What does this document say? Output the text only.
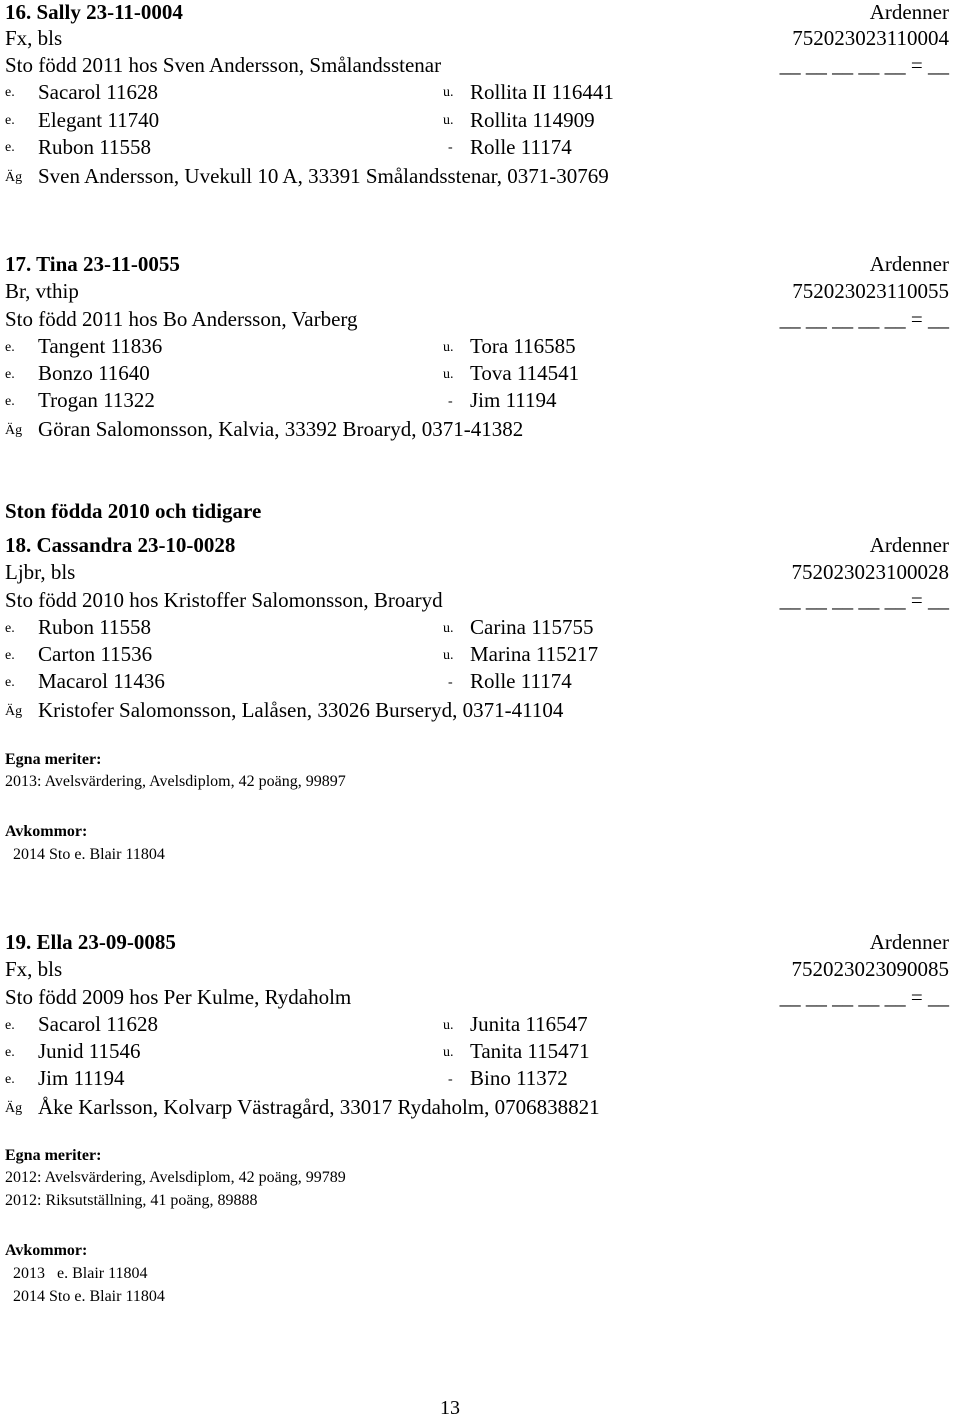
16. Sally 23-11-0004	Ardenner
Fx, bls	752023023110004
Sto född 2011 hos Sven Andersson, Smålandsstenar	__ __ __ __ __ = __
e. Sacarol 11628	u. Rollita II 116441
e. Elegant 11740	u. Rollita 114909
e. Rubon 11558	- Rolle 11174
Äg Sven Andersson, Uvekull 10 A, 33391 Smålandsstenar, 0371-30769
17. Tina 23-11-0055	Ardenner
Br, vthip	752023023110055
Sto född 2011 hos Bo Andersson, Varberg	__ __ __ __ __ = __
e. Tangent 11836	u. Tora 116585
e. Bonzo 11640	u. Tova 114541
e. Trogan 11322	- Jim 11194
Äg Göran Salomonsson, Kalvia, 33392 Broaryd, 0371-41382
Ston födda 2010 och tidigare
18. Cassandra 23-10-0028	Ardenner
Ljbr, bls	752023023100028
Sto född 2010 hos Kristoffer Salomonsson, Broaryd	__ __ __ __ __ = __
e. Rubon 11558	u. Carina 115755
e. Carton 11536	u. Marina 115217
e. Macarol 11436	- Rolle 11174
Äg Kristofer Salomonsson, Lalåsen, 33026 Burseryd, 0371-41104
Egna meriter:
2013: Avelsvärdering, Avelsdiplom, 42 poäng, 99897
Avkommor:
2014 Sto e. Blair 11804
19. Ella 23-09-0085	Ardenner
Fx, bls	752023023090085
Sto född 2009 hos Per Kulme, Rydaholm	__ __ __ __ __ = __
e. Sacarol 11628	u. Junita 116547
e. Junid 11546	u. Tanita 115471
e. Jim 11194	- Bino 11372
Äg Åke Karlsson, Kolvarp Västragård, 33017 Rydaholm, 0706838821
Egna meriter:
2012: Avelsvärdering, Avelsdiplom, 42 poäng, 99789
2012: Riksutställning, 41 poäng, 89888
Avkommor:
2013   e. Blair 11804
2014 Sto e. Blair 11804
13
